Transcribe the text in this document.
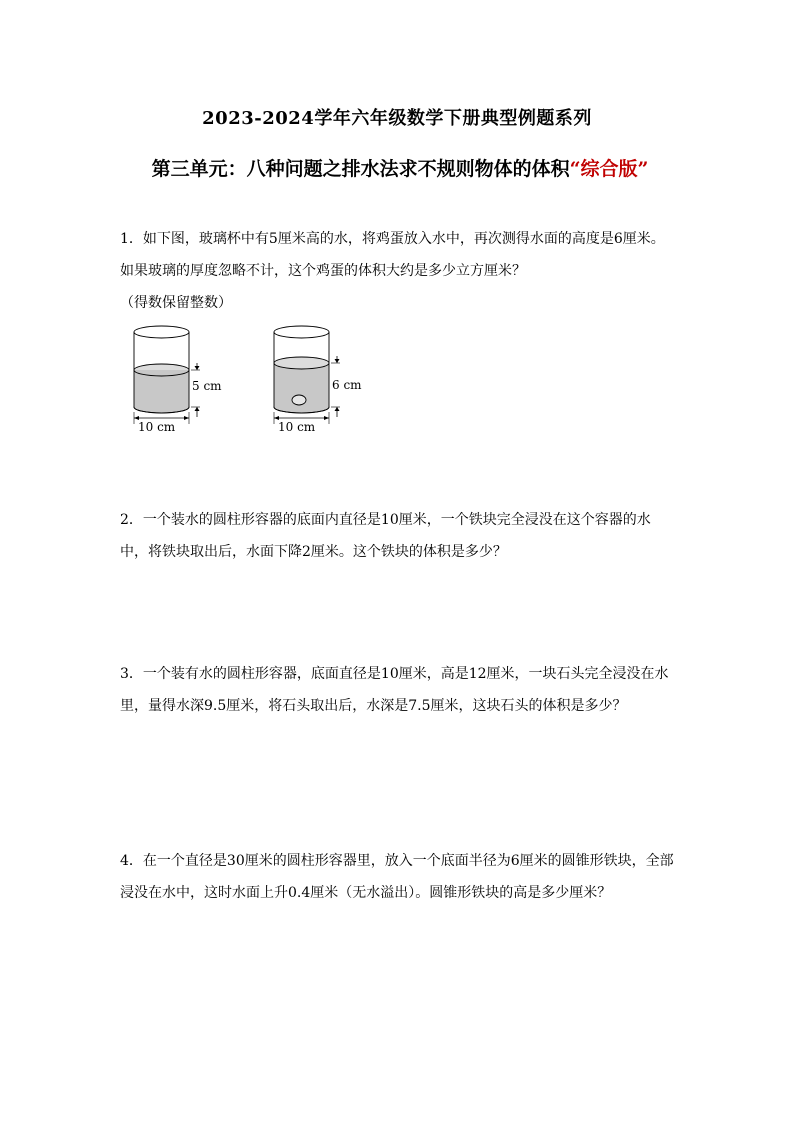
2023-2024学年六年级数学下册典型例题系列
第三单元：八种问题之排水法求不规则物体的体积“综合版”
1．如下图，玻璃杯中有5厘米高的水，将鸡蛋放入水中，再次测得水面的高度是6厘米。如果玻璃的厚度忽略不计，这个鸡蛋的体积大约是多少立方厘米？
（得数保留整数）
5 cm
10 cm
6 cm
10 cm
2．一个装水的圆柱形容器的底面内直径是10厘米，一个铁块完全浸没在这个容器的水中，将铁块取出后，水面下降2厘米。这个铁块的体积是多少？
3．一个装有水的圆柱形容器，底面直径是10厘米，高是12厘米，一块石头完全浸没在水里，量得水深9.5厘米，将石头取出后，水深是7.5厘米，这块石头的体积是多少？
4．在一个直径是30厘米的圆柱形容器里，放入一个底面半径为6厘米的圆锥形铁块，全部浸没在水中，这时水面上升0.4厘米（无水溢出）。圆锥形铁块的高是多少厘米？
